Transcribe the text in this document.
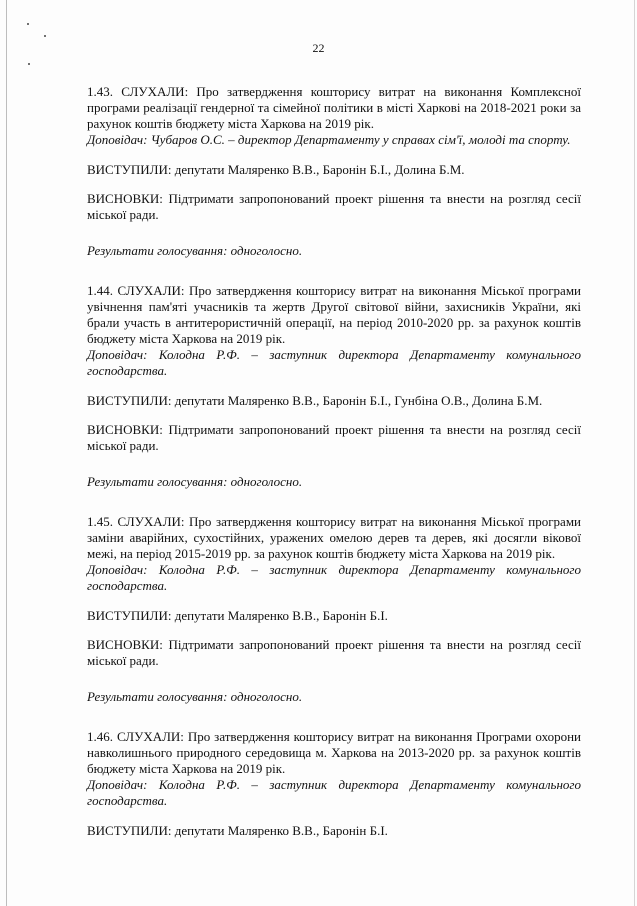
22

1.43. СЛУХАЛИ: Про затвердження кошторису витрат на виконання Комплексної програми реалізації гендерної та сімейної політики в місті Харкові на 2018-2021 роки за рахунок коштів бюджету міста Харкова на 2019 рік.

Доповідач: Чубаров О.С. – директор Департаменту у справах сім'ї, молоді та спорту.

ВИСТУПИЛИ: депутати Маляренко В.В., Баронін Б.І., Долина Б.М.

ВИСНОВКИ: Підтримати запропонований проект рішення та внести на розгляд сесії міської ради.

Результати голосування: одноголосно.

1.44. СЛУХАЛИ: Про затвердження кошторису витрат на виконання Міської програми увічнення пам'яті учасників та жертв Другої світової війни, захисників України, які брали участь в антитерористичній операції, на період 2010-2020 рр. за рахунок коштів бюджету міста Харкова на 2019 рік.

Доповідач: Колодна Р.Ф. – заступник директора Департаменту комунального господарства.

ВИСТУПИЛИ: депутати Маляренко В.В., Баронін Б.І., Гунбіна О.В., Долина Б.М.

ВИСНОВКИ: Підтримати запропонований проект рішення та внести на розгляд сесії міської ради.

Результати голосування: одноголосно.

1.45. СЛУХАЛИ: Про затвердження кошторису витрат на виконання Міської програми заміни аварійних, сухостійних, уражених омелою дерев та дерев, які досягли вікової межі, на період 2015-2019 рр. за рахунок коштів бюджету міста Харкова на 2019 рік.

Доповідач: Колодна Р.Ф. – заступник директора Департаменту комунального господарства.

ВИСТУПИЛИ: депутати Маляренко В.В., Баронін Б.І.

ВИСНОВКИ: Підтримати запропонований проект рішення та внести на розгляд сесії міської ради.

Результати голосування: одноголосно.

1.46. СЛУХАЛИ: Про затвердження кошторису витрат на виконання Програми охорони навколишнього природного середовища м. Харкова на 2013-2020 рр. за рахунок коштів бюджету міста Харкова на 2019 рік.

Доповідач: Колодна Р.Ф. – заступник директора Департаменту комунального господарства.

ВИСТУПИЛИ: депутати Маляренко В.В., Баронін Б.І.
